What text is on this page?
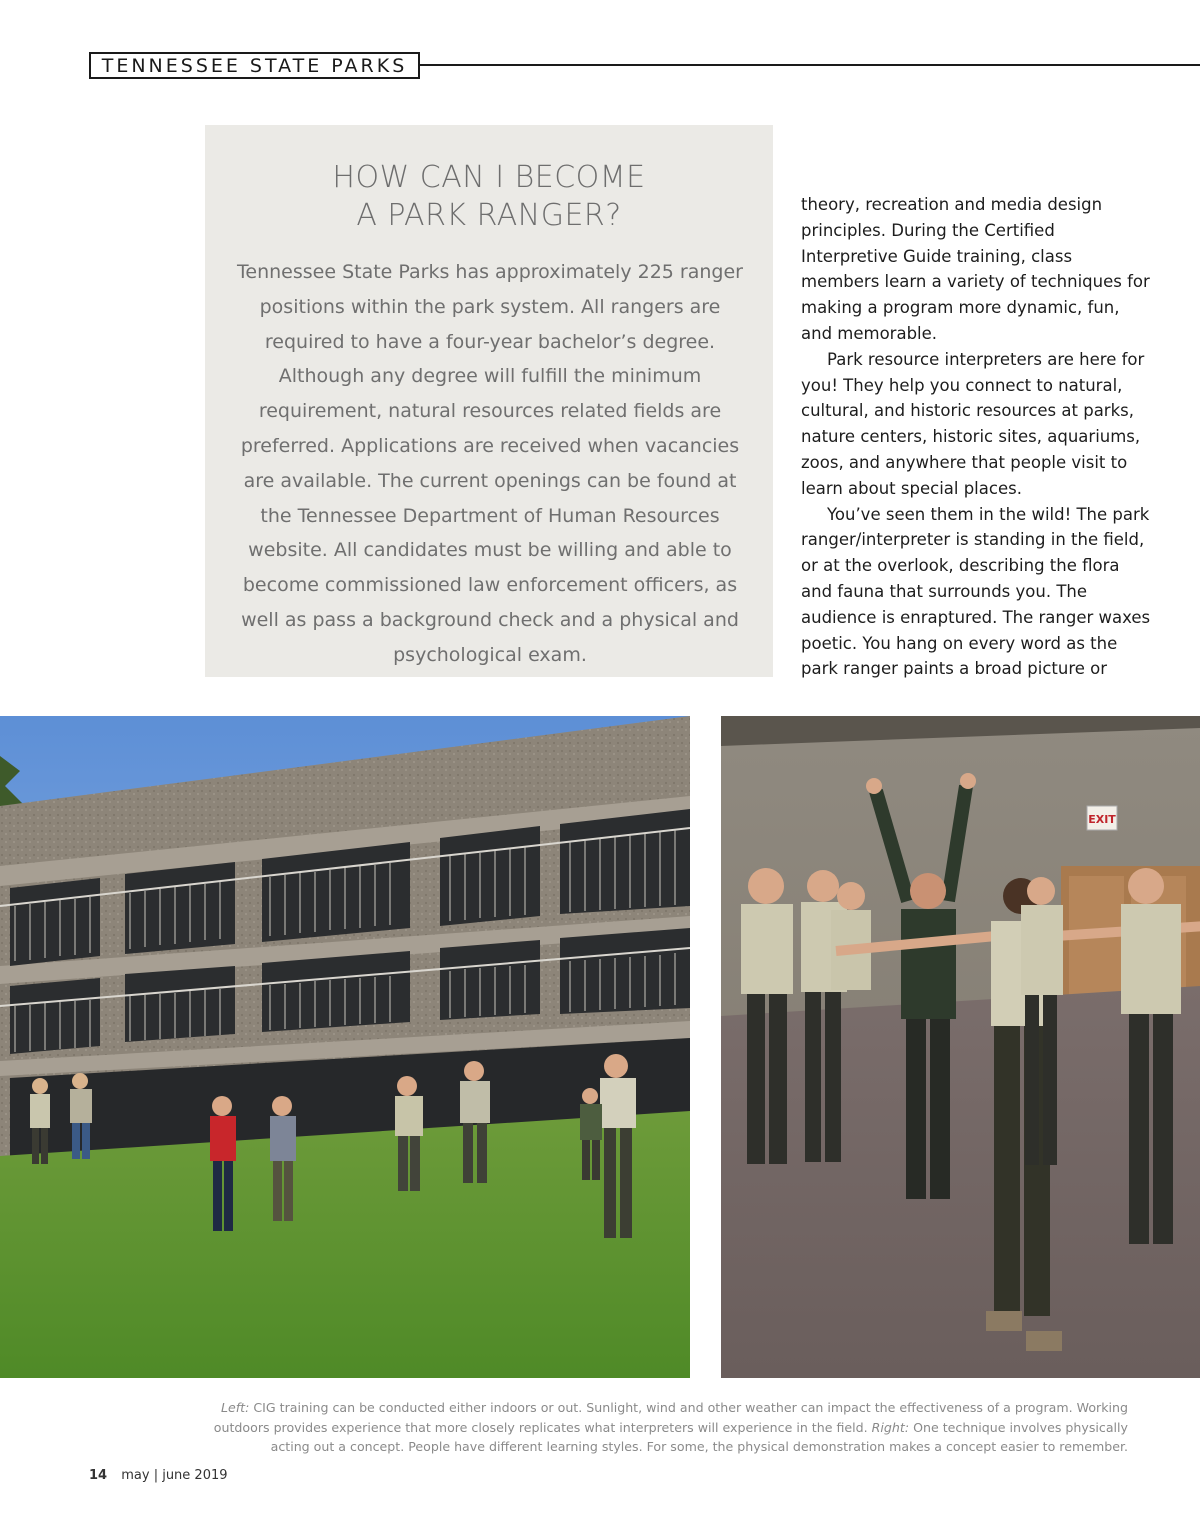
TENNESSEE STATE PARKS
HOW CAN I BECOME
A PARK RANGER?

Tennessee State Parks has approximately 225 ranger positions within the park system. All rangers are required to have a four-year bachelor’s degree. Although any degree will fulfill the minimum requirement, natural resources related fields are preferred. Applications are received when vacancies are available. The current openings can be found at the Tennessee Department of Human Resources website. All candidates must be willing and able to become commissioned law enforcement officers, as well as pass a background check and a physical and psychological exam.

theory, recreation and media design principles. During the Certified Interpretive Guide training, class members learn a variety of techniques for making a program more dynamic, fun, and memorable.

Park resource interpreters are here for you! They help you connect to natural, cultural, and historic resources at parks, nature centers, historic sites, aquariums, zoos, and anywhere that people visit to learn about special places.

You’ve seen them in the wild! The park ranger/interpreter is standing in the field, or at the overlook, describing the flora and fauna that surrounds you. The audience is enraptured. The ranger waxes poetic. You hang on every word as the park ranger paints a broad picture or

EXIT

Left: CIG training can be conducted either indoors or out. Sunlight, wind and other weather can impact the effectiveness of a program. Working outdoors provides experience that more closely replicates what interpreters will experience in the field. Right: One technique involves physically acting out a concept. People have different learning styles. For some, the physical demonstration makes a concept easier to remember.

14 may | june 2019
